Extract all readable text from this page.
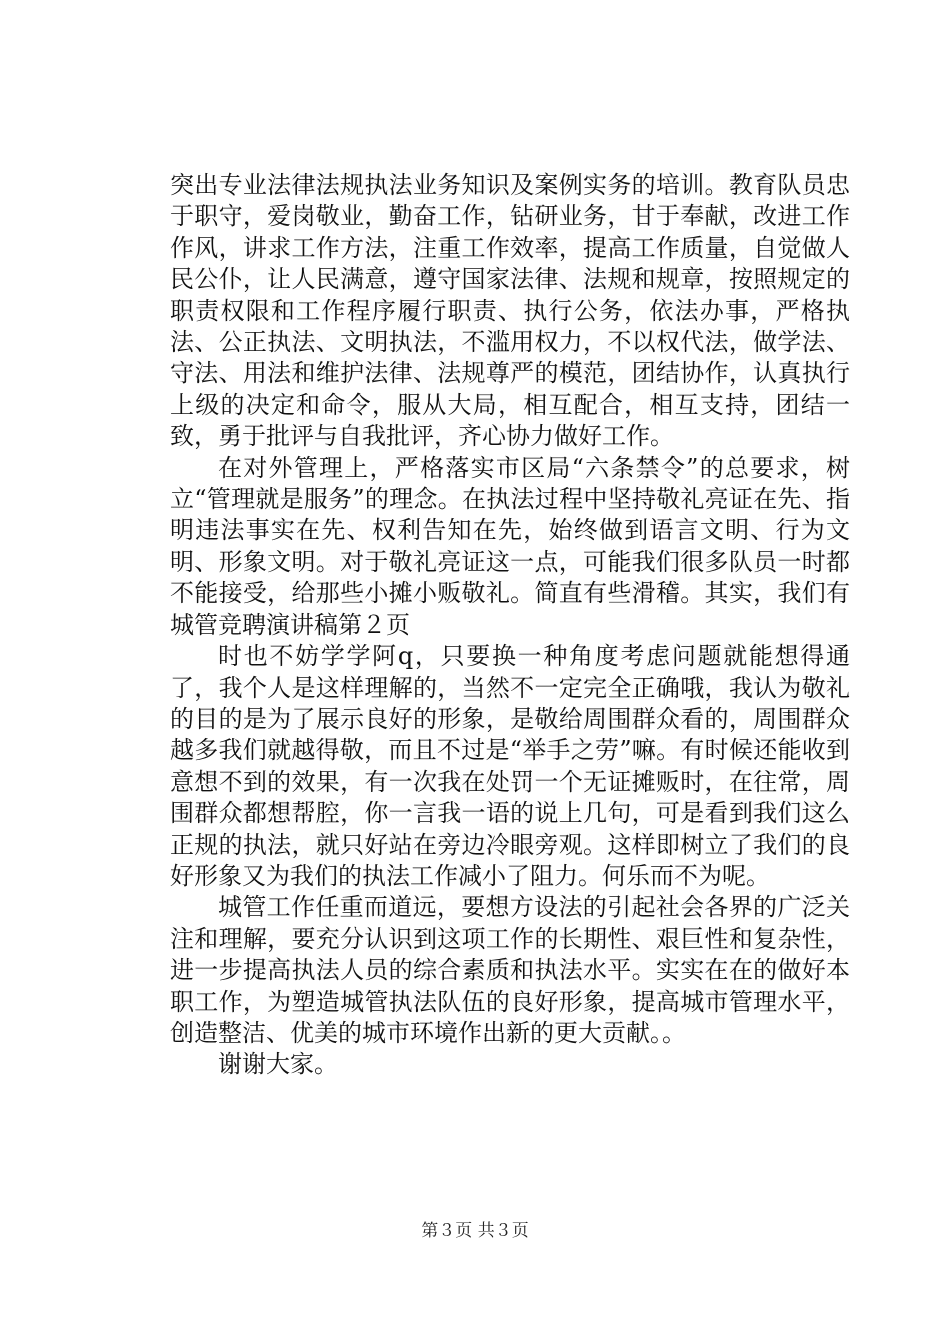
突出专业法律法规执法业务知识及案例实务的培训。教育队员忠于职守，爱岗敬业，勤奋工作，钻研业务，甘于奉献，改进工作作风，讲求工作方法，注重工作效率，提高工作质量，自觉做人民公仆，让人民满意，遵守国家法律、法规和规章，按照规定的职责权限和工作程序履行职责、执行公务，依法办事，严格执法、公正执法、文明执法，不滥用权力，不以权代法，做学法、守法、用法和维护法律、法规尊严的模范，团结协作，认真执行上级的决定和命令，服从大局，相互配合，相互支持，团结一致，勇于批评与自我批评，齐心协力做好工作。

在对外管理上，严格落实市区局“六条禁令”的总要求，树立“管理就是服务”的理念。在执法过程中坚持敬礼亮证在先、指明违法事实在先、权利告知在先，始终做到语言文明、行为文明、形象文明。对于敬礼亮证这一点，可能我们很多队员一时都不能接受，给那些小摊小贩敬礼。简直有些滑稽。其实，我们有城管竞聘演讲稿第２页

时也不妨学学阿q，只要换一种角度考虑问题就能想得通了，我个人是这样理解的，当然不一定完全正确哦，我认为敬礼的目的是为了展示良好的形象，是敬给周围群众看的，周围群众越多我们就越得敬，而且不过是“举手之劳”嘛。有时候还能收到意想不到的效果，有一次我在处罚一个无证摊贩时，在往常，周围群众都想帮腔，你一言我一语的说上几句，可是看到我们这么正规的执法，就只好站在旁边冷眼旁观。这样即树立了我们的良好形象又为我们的执法工作减小了阻力。何乐而不为呢。

城管工作任重而道远，要想方设法的引起社会各界的广泛关注和理解，要充分认识到这项工作的长期性、艰巨性和复杂性，进一步提高执法人员的综合素质和执法水平。实实在在的做好本职工作，为塑造城管执法队伍的良好形象，提高城市管理水平，创造整洁、优美的城市环境作出新的更大贡献。。

谢谢大家。

第３页 共３页
